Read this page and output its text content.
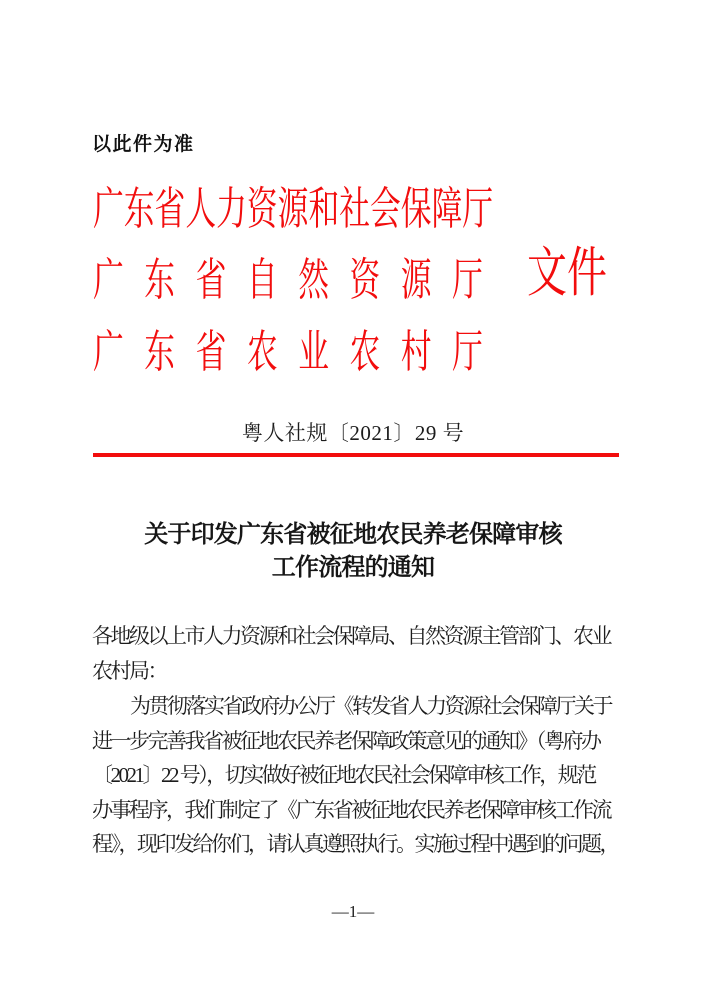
以此件为准
广东省人力资源和社会保障厅
广东省自然资源厅 文件
广东省农业农村厅
粤人社规〔2021〕29 号
关于印发广东省被征地农民养老保障审核
工作流程的通知
各地级以上市人力资源和社会保障局、自然资源主管部门、农业
农村局：
为贯彻落实省政府办公厅《转发省人力资源社会保障厅关于
进一步完善我省被征地农民养老保障政策意见的通知》（粤府办
〔2021〕22 号），切实做好被征地农民社会保障审核工作，规范
办事程序，我们制定了《广东省被征地农民养老保障审核工作流
程》，现印发给你们，请认真遵照执行。实施过程中遇到的问题，
—1—
